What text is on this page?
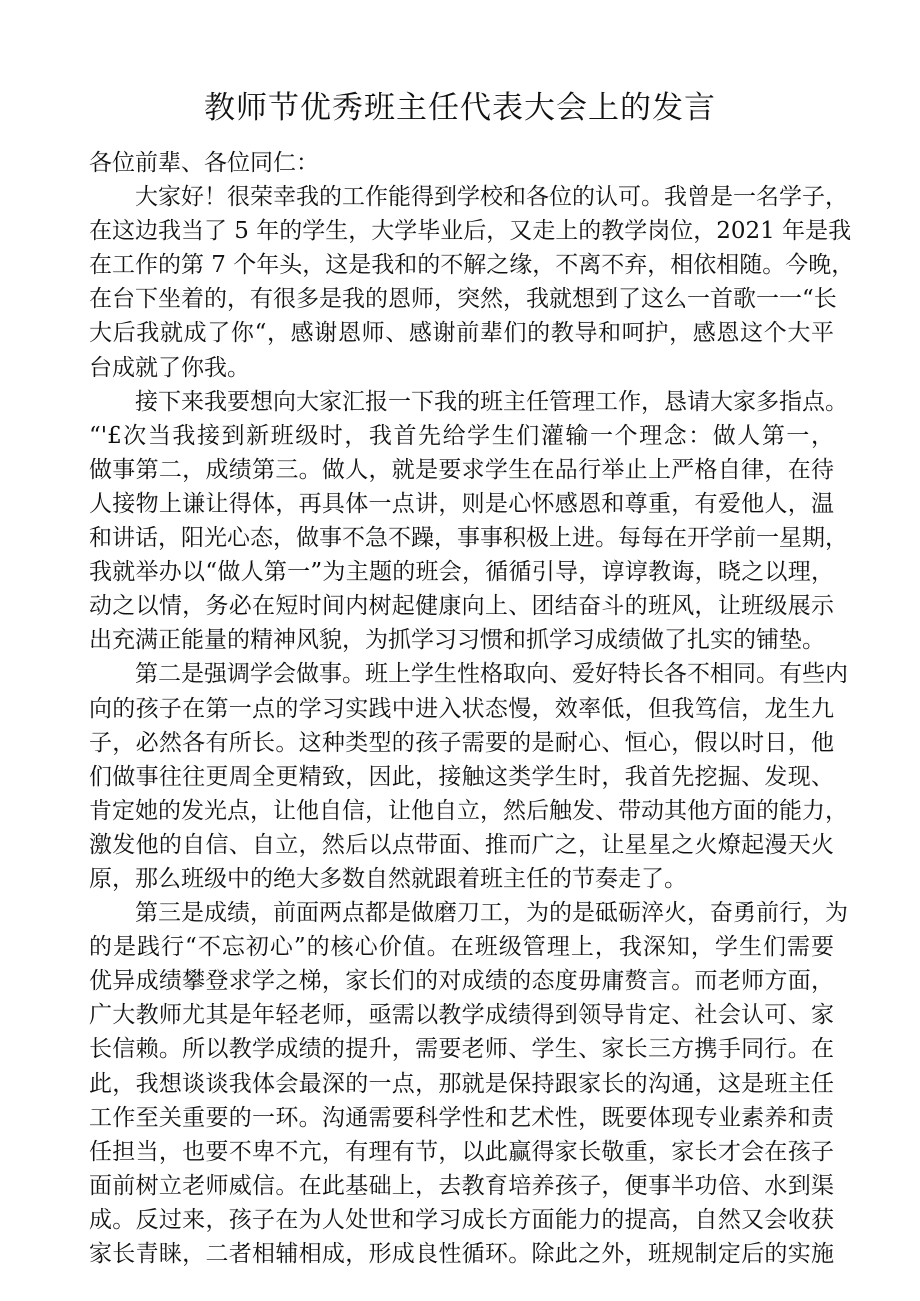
教师节优秀班主任代表大会上的发言
各位前辈、各位同仁：
大家好！很荣幸我的工作能得到学校和各位的认可。我曾是一名学子，
在这边我当了 5 年的学生，大学毕业后，又走上的教学岗位，2021 年是我
在工作的第 7 个年头，这是我和的不解之缘，不离不弃，相依相随。今晚，
在台下坐着的，有很多是我的恩师，突然，我就想到了这么一首歌一一“长
大后我就成了你“，感谢恩师、感谢前辈们的教导和呵护，感恩这个大平
台成就了你我。
接下来我要想向大家汇报一下我的班主任管理工作，恳请大家多指点。
“'£次当我接到新班级时，我首先给学生们灌输一个理念：做人第一，
做事第二，成绩第三。做人，就是要求学生在品行举止上严格自律，在待
人接物上谦让得体，再具体一点讲，则是心怀感恩和尊重，有爱他人，温
和讲话，阳光心态，做事不急不躁，事事积极上进。每每在开学前一星期，
我就举办以“做人第一”为主题的班会，循循引导，谆谆教诲，晓之以理，
动之以情，务必在短时间内树起健康向上、团结奋斗的班风，让班级展示
出充满正能量的精神风貌，为抓学习习惯和抓学习成绩做了扎实的铺垫。
第二是强调学会做事。班上学生性格取向、爱好特长各不相同。有些内
向的孩子在第一点的学习实践中进入状态慢，效率低，但我笃信，龙生九
子，必然各有所长。这种类型的孩子需要的是耐心、恒心，假以时日，他
们做事往往更周全更精致，因此，接触这类学生时，我首先挖掘、发现、
肯定她的发光点，让他自信，让他自立，然后触发、带动其他方面的能力，
激发他的自信、自立，然后以点带面、推而广之，让星星之火燎起漫天火
原，那么班级中的绝大多数自然就跟着班主任的节奏走了。
第三是成绩，前面两点都是做磨刀工，为的是砥砺淬火，奋勇前行，为
的是践行“不忘初心”的核心价值。在班级管理上，我深知，学生们需要
优异成绩攀登求学之梯，家长们的对成绩的态度毋庸赘言。而老师方面，
广大教师尤其是年轻老师，亟需以教学成绩得到领导肯定、社会认可、家
长信赖。所以教学成绩的提升，需要老师、学生、家长三方携手同行。在
此，我想谈谈我体会最深的一点，那就是保持跟家长的沟通，这是班主任
工作至关重要的一环。沟通需要科学性和艺术性，既要体现专业素养和责
任担当，也要不卑不亢，有理有节，以此赢得家长敬重，家长才会在孩子
面前树立老师威信。在此基础上，去教育培养孩子，便事半功倍、水到渠
成。反过来，孩子在为人处世和学习成长方面能力的提高，自然又会收获
家长青睐，二者相辅相成，形成良性循环。除此之外，班规制定后的实施
